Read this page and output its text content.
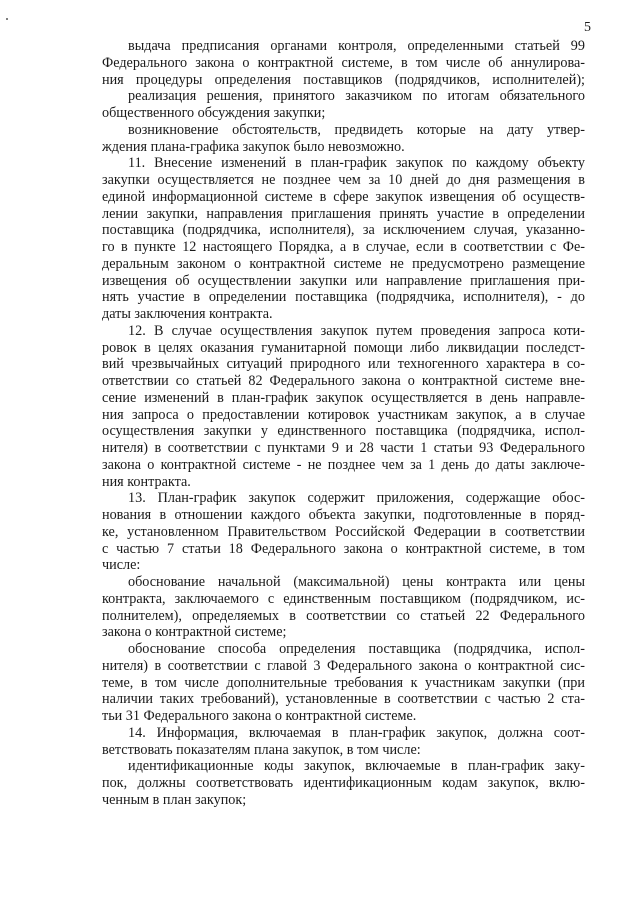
5
выдача предписания органами контроля, определенными статьей 99
Федерального закона о контрактной системе, в том числе об аннулирова-
ния процедуры определения поставщиков (подрядчиков, исполнителей);
реализация решения, принятого заказчиком по итогам обязательного
общественного обсуждения закупки;
возникновение обстоятельств, предвидеть которые на дату утвер-
ждения плана-графика закупок было невозможно.
11. Внесение изменений в план-график закупок по каждому объекту
закупки осуществляется не позднее чем за 10 дней до дня размещения в
единой информационной системе в сфере закупок извещения об осуществ-
лении закупки, направления приглашения принять участие в определении
поставщика (подрядчика, исполнителя), за исключением случая, указанно-
го в пункте 12 настоящего Порядка, а в случае, если в соответствии с Фе-
деральным законом о контрактной системе не предусмотрено размещение
извещения об осуществлении закупки или направление приглашения при-
нять участие в определении поставщика (подрядчика, исполнителя), - до
даты заключения контракта.
12. В случае осуществления закупок путем проведения запроса коти-
ровок в целях оказания гуманитарной помощи либо ликвидации последст-
вий чрезвычайных ситуаций природного или техногенного характера в со-
ответствии со статьей 82 Федерального закона о контрактной системе вне-
сение изменений в план-график закупок осуществляется в день направле-
ния запроса о предоставлении котировок участникам закупок, а в случае
осуществления закупки у единственного поставщика (подрядчика, испол-
нителя) в соответствии с пунктами 9 и 28 части 1 статьи 93 Федерального
закона о контрактной системе - не позднее чем за 1 день до даты заключе-
ния контракта.
13. План-график закупок содержит приложения, содержащие обос-
нования в отношении каждого объекта закупки, подготовленные в поряд-
ке, установленном Правительством Российской Федерации в соответствии
с частью 7 статьи 18 Федерального закона о контрактной системе, в том
числе:
обоснование начальной (максимальной) цены контракта или цены
контракта, заключаемого с единственным поставщиком (подрядчиком, ис-
полнителем), определяемых в соответствии со статьей 22 Федерального
закона о контрактной системе;
обоснование способа определения поставщика (подрядчика, испол-
нителя) в соответствии с главой 3 Федерального закона о контрактной сис-
теме, в том числе дополнительные требования к участникам закупки (при
наличии таких требований), установленные в соответствии с частью 2 ста-
тьи 31 Федерального закона о контрактной системе.
14. Информация, включаемая в план-график закупок, должна соот-
ветствовать показателям плана закупок, в том числе:
идентификационные коды закупок, включаемые в план-график заку-
пок, должны соответствовать идентификационным кодам закупок, вклю-
ченным в план закупок;
